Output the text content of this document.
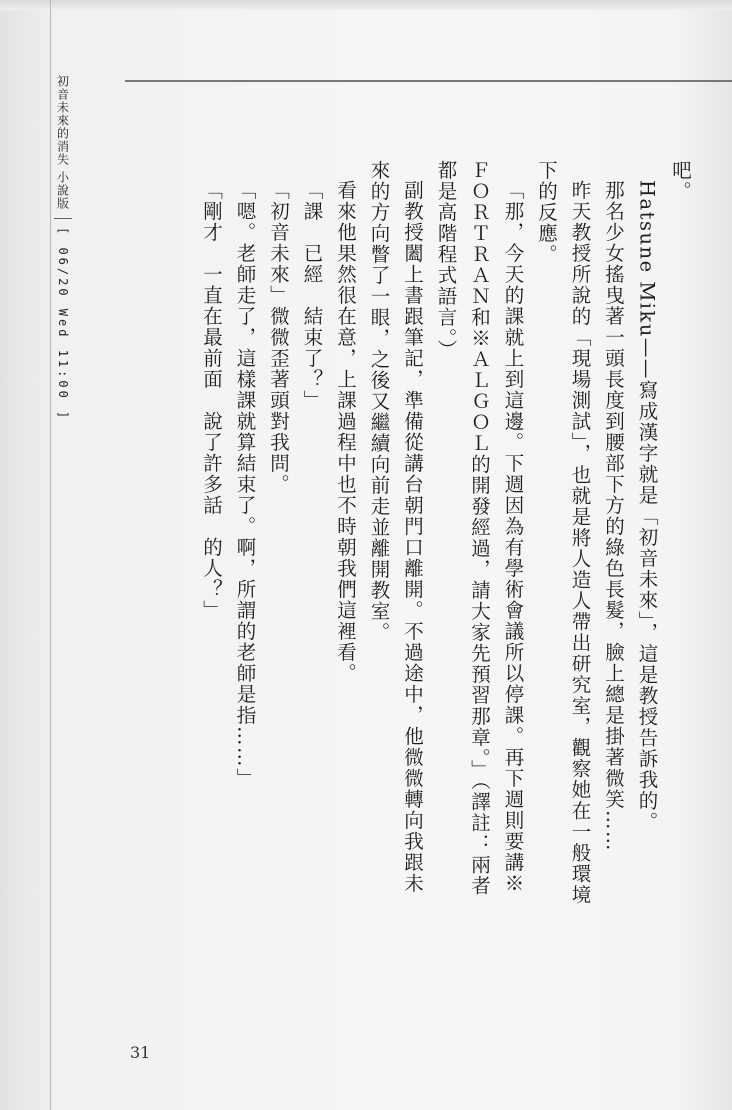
初音未來的消失 小說版
[ 06/20 Wed 11:00 ]

吧。

Hatsune Miku——寫成漢字就是「初音未來」，這是教授告訴我的。

那名少女搖曳著一頭長度到腰部下方的綠色長髮，臉上總是掛著微笑……

昨天教授所說的「現場測試」，也就是將人造人帶出研究室，觀察她在一般環境下的反應。

「那，今天的課就上到這邊。下週因為有學術會議所以停課。再下週則要講※ＦＯＲＴＲＡＮ和※ＡＬＧＯＬ的開發經過，請大家先預習那章。」（譯註：兩者都是高階程式語言。）

副教授闔上書跟筆記，準備從講台朝門口離開。不過途中，他微微轉向我跟未來的方向瞥了一眼，之後又繼續向前走並離開教室。

看來他果然很在意，上課過程中也不時朝我們這裡看。

「課　已經　結束了？」

「初音未來」微微歪著頭對我問。

「嗯。老師走了，這樣課就算結束了。啊，所謂的老師是指……」

「剛才　一直在最前面　說了許多話　的人？」

31
